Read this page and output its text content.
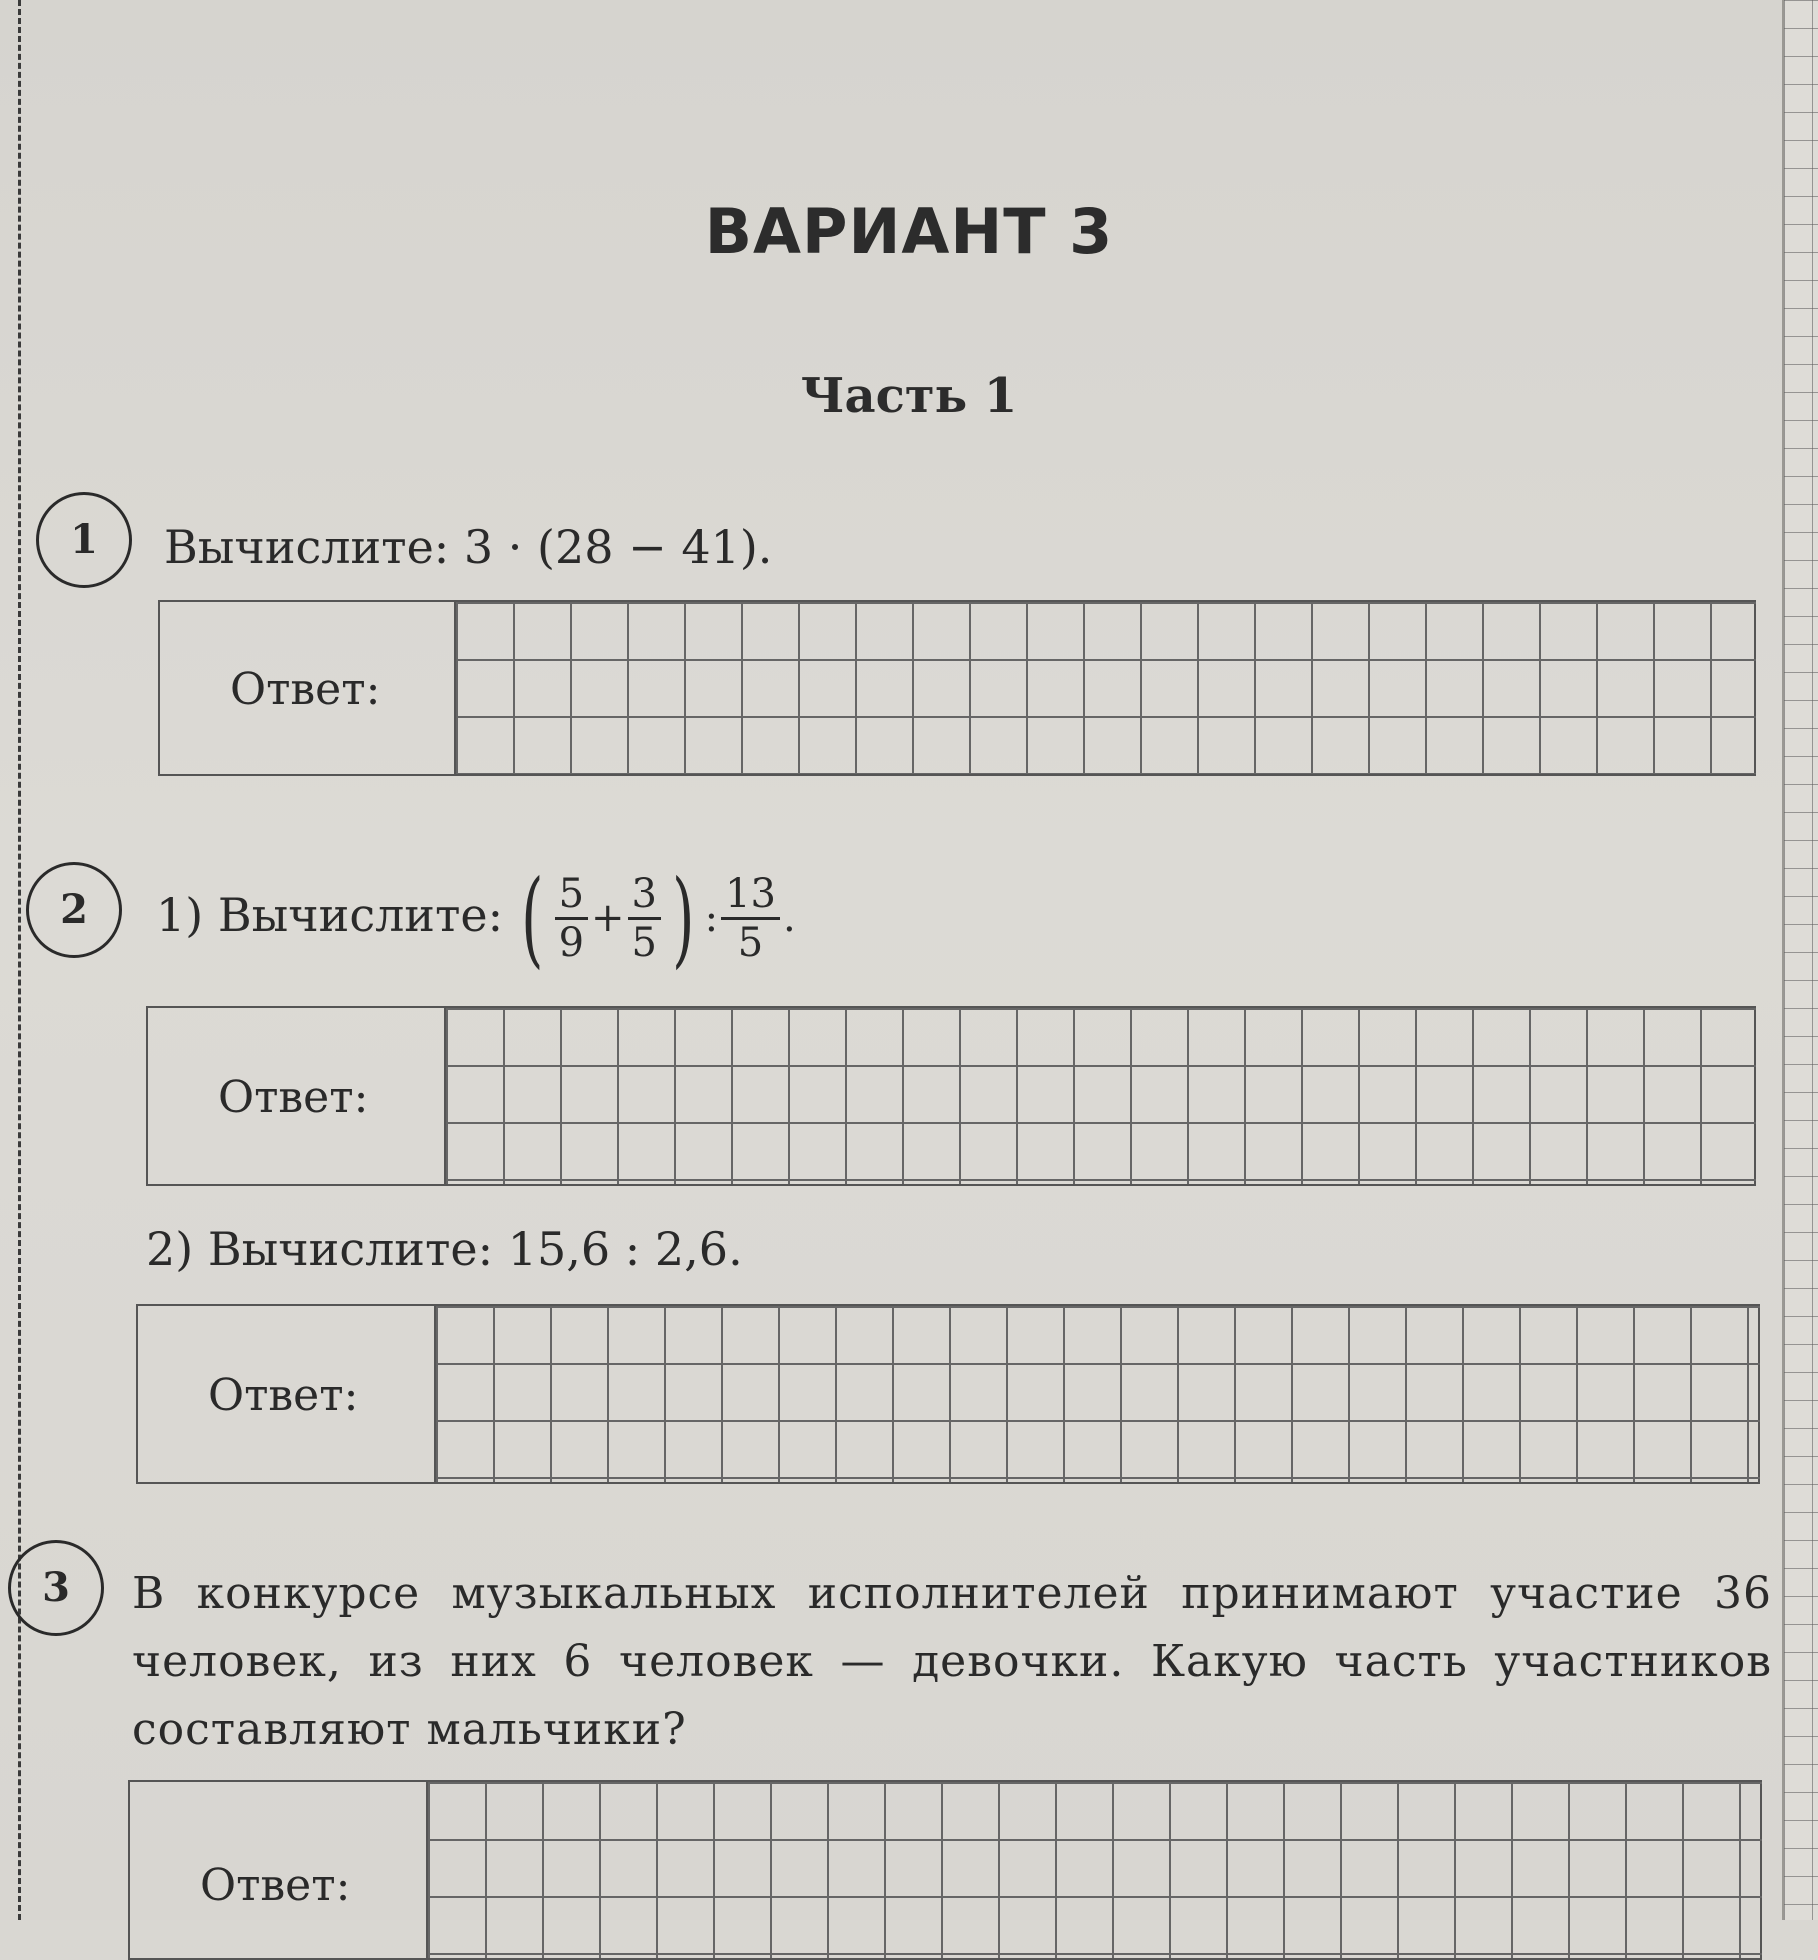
ВАРИАНТ 3
Часть 1
1	Вычислите: 3 · (28 − 41).
Ответ:
2	1) Вычислите: ( $\frac{5}{9} + \frac{3}{5}$ ) : $\frac{13}{5}$ .
Ответ:
2) Вычислите: 15,6 : 2,6.
Ответ:
3	В конкурсе музыкальных исполнителей принимают участие 36 человек, из них 6 человек — девочки. Какую часть участников составляют мальчики?
Ответ:
